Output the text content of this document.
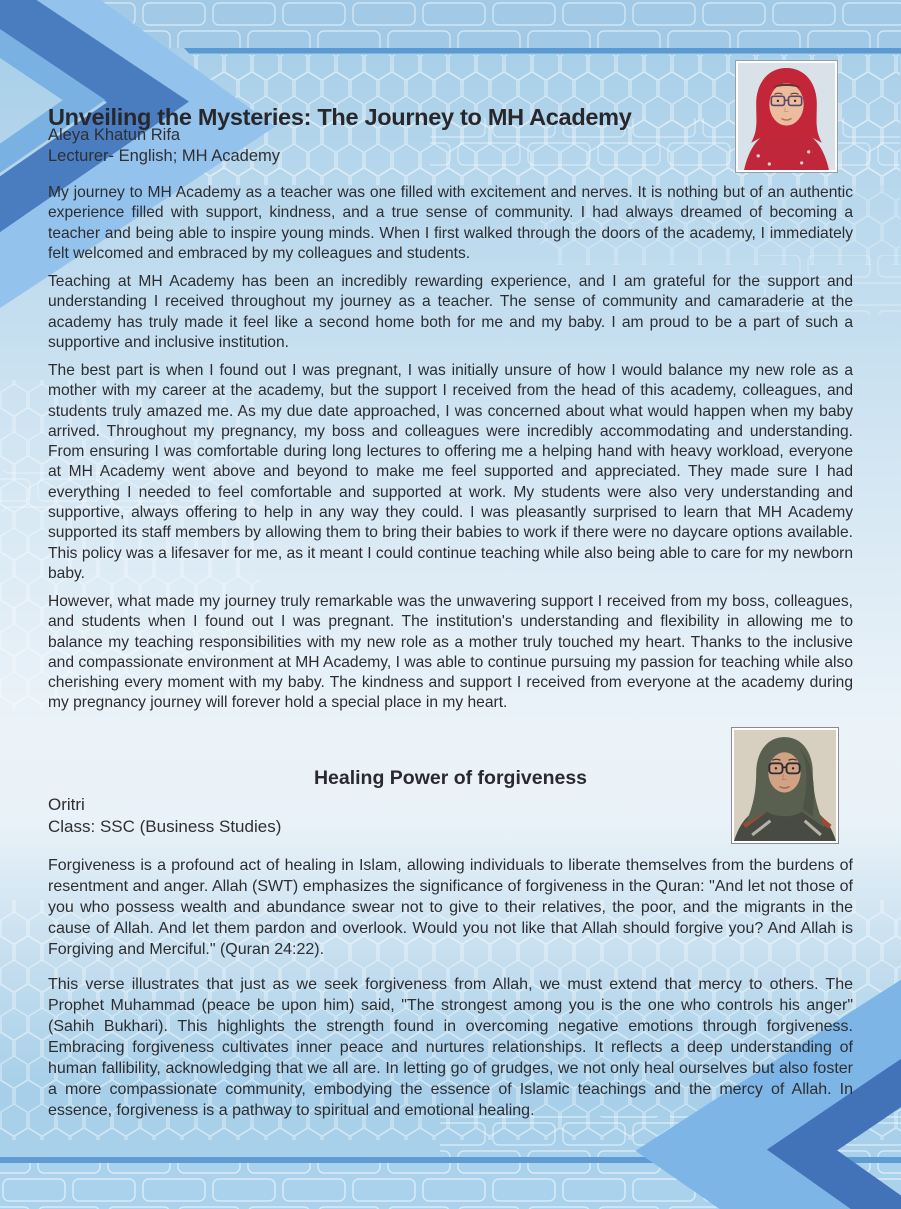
Unveiling the Mysteries: The Journey to MH Academy
Aleya Khatun Rifa
Lecturer- English; MH Academy

My journey to MH Academy as a teacher was one filled with excitement and nerves. It is nothing but of an authentic experience filled with support, kindness, and a true sense of community. I had always dreamed of becoming a teacher and being able to inspire young minds. When I first walked through the doors of the academy, I immediately felt welcomed and embraced by my colleagues and students.

Teaching at MH Academy has been an incredibly rewarding experience, and I am grateful for the support and understanding I received throughout my journey as a teacher. The sense of community and camaraderie at the academy has truly made it feel like a second home both for me and my baby. I am proud to be a part of such a supportive and inclusive institution.

The best part is when I found out I was pregnant, I was initially unsure of how I would balance my new role as a mother with my career at the academy, but the support I received from the head of this academy, colleagues, and students truly amazed me. As my due date approached, I was concerned about what would happen when my baby arrived. Throughout my pregnancy, my boss and colleagues were incredibly accommodating and understanding. From ensuring I was comfortable during long lectures to offering me a helping hand with heavy workload, everyone at MH Academy went above and beyond to make me feel supported and appreciated. They made sure I had everything I needed to feel comfortable and supported at work. My students were also very understanding and supportive, always offering to help in any way they could. I was pleasantly surprised to learn that MH Academy supported its staff members by allowing them to bring their babies to work if there were no daycare options available. This policy was a lifesaver for me, as it meant I could continue teaching while also being able to care for my newborn baby.

However, what made my journey truly remarkable was the unwavering support I received from my boss, colleagues, and students when I found out I was pregnant. The institution's understanding and flexibility in allowing me to balance my teaching responsibilities with my new role as a mother truly touched my heart. Thanks to the inclusive and compassionate environment at MH Academy, I was able to continue pursuing my passion for teaching while also cherishing every moment with my baby. The kindness and support I received from everyone at the academy during my pregnancy journey will forever hold a special place in my heart.

Healing Power of forgiveness
Oritri
Class: SSC (Business Studies)

Forgiveness is a profound act of healing in Islam, allowing individuals to liberate themselves from the burdens of resentment and anger. Allah (SWT) emphasizes the significance of forgiveness in the Quran: "And let not those of you who possess wealth and abundance swear not to give to their relatives, the poor, and the migrants in the cause of Allah. And let them pardon and overlook. Would you not like that Allah should forgive you? And Allah is Forgiving and Merciful." (Quran 24:22).

This verse illustrates that just as we seek forgiveness from Allah, we must extend that mercy to others. The Prophet Muhammad (peace be upon him) said, "The strongest among you is the one who controls his anger" (Sahih Bukhari). This highlights the strength found in overcoming negative emotions through forgiveness. Embracing forgiveness cultivates inner peace and nurtures relationships. It reflects a deep understanding of human fallibility, acknowledging that we all are. In letting go of grudges, we not only heal ourselves but also foster a more compassionate community, embodying the essence of Islamic teachings and the mercy of Allah. In essence, forgiveness is a pathway to spiritual and emotional healing.
